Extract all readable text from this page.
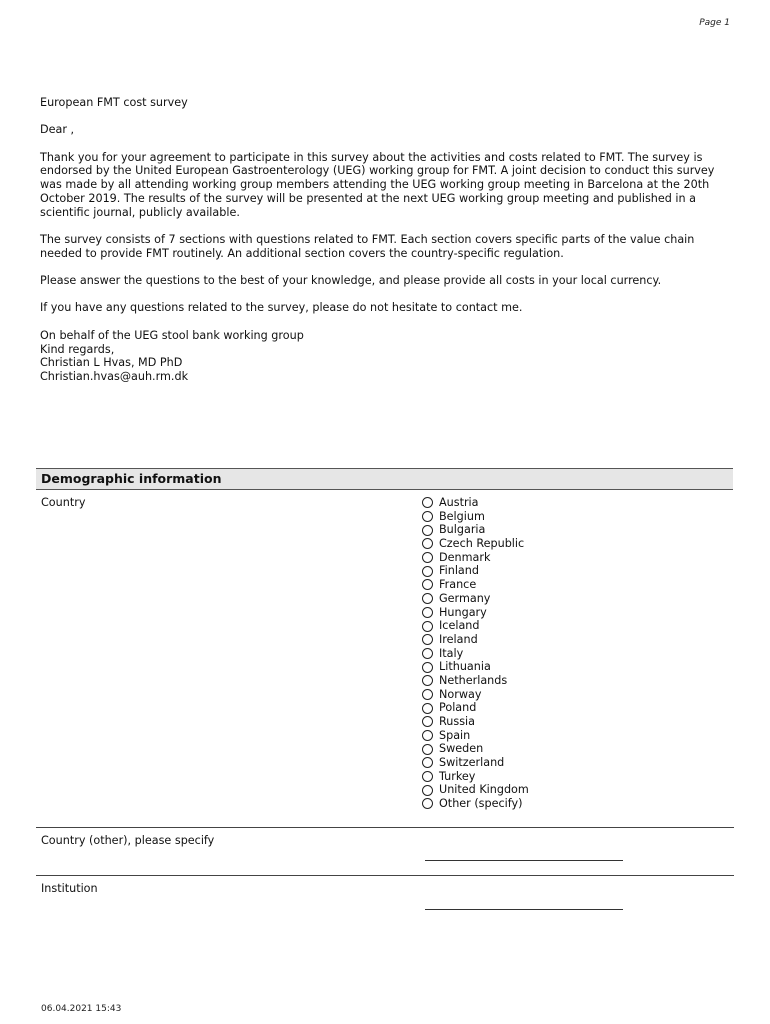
Page 1

European FMT cost survey

Dear ,

Thank you for your agreement to participate in this survey about the activities and costs related to FMT. The survey is endorsed by the United European Gastroenterology (UEG) working group for FMT. A joint decision to conduct this survey was made by all attending working group members attending the UEG working group meeting in Barcelona at the 20th October 2019. The results of the survey will be presented at the next UEG working group meeting and published in a scientific journal, publicly available.

The survey consists of 7 sections with questions related to FMT. Each section covers specific parts of the value chain needed to provide FMT routinely. An additional section covers the country-specific regulation.

Please answer the questions to the best of your knowledge, and please provide all costs in your local currency.

If you have any questions related to the survey, please do not hesitate to contact me.

On behalf of the UEG stool bank working group

Kind regards,

Christian L Hvas, MD PhD

Christian.hvas@auh.rm.dk

Demographic information
Country	Austria
Belgium
Bulgaria
Czech Republic
Denmark
Finland
France
Germany
Hungary
Iceland
Ireland
Italy
Lithuania
Netherlands
Norway
Poland
Russia
Spain
Sweden
Switzerland
Turkey
United Kingdom
Other (specify)
Country (other), please specify
Institution
06.04.2021 15:43
